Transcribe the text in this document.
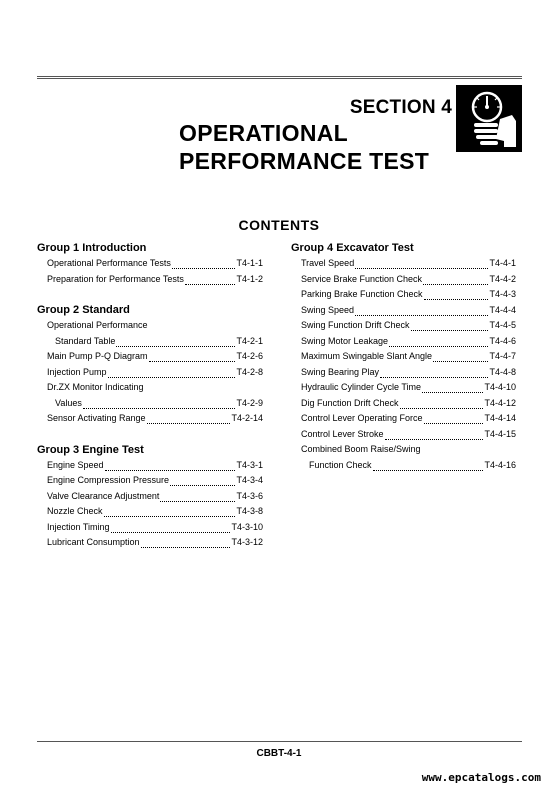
SECTION 4
OPERATIONAL
PERFORMANCE TEST
CONTENTS
Group 1 Introduction
Operational Performance Tests	T4-1-1
Preparation for Performance Tests	T4-1-2
Group 2 Standard
Operational Performance
Standard Table	T4-2-1
Main Pump P-Q Diagram	T4-2-6
Injection Pump	T4-2-8
Dr.ZX Monitor Indicating
Values	T4-2-9
Sensor Activating Range	T4-2-14
Group 3 Engine Test
Engine Speed	T4-3-1
Engine Compression Pressure	T4-3-4
Valve Clearance Adjustment	T4-3-6
Nozzle Check	T4-3-8
Injection Timing	T4-3-10
Lubricant Consumption	T4-3-12
Group 4 Excavator Test
Travel Speed	T4-4-1
Service Brake Function Check	T4-4-2
Parking Brake Function Check	T4-4-3
Swing Speed	T4-4-4
Swing Function Drift Check	T4-4-5
Swing Motor Leakage	T4-4-6
Maximum Swingable Slant Angle	T4-4-7
Swing Bearing Play	T4-4-8
Hydraulic Cylinder Cycle Time	T4-4-10
Dig Function Drift Check	T4-4-12
Control Lever Operating Force	T4-4-14
Control Lever Stroke	T4-4-15
Combined Boom Raise/Swing
Function Check	T4-4-16
CBBT-4-1
www.epcatalogs.com
